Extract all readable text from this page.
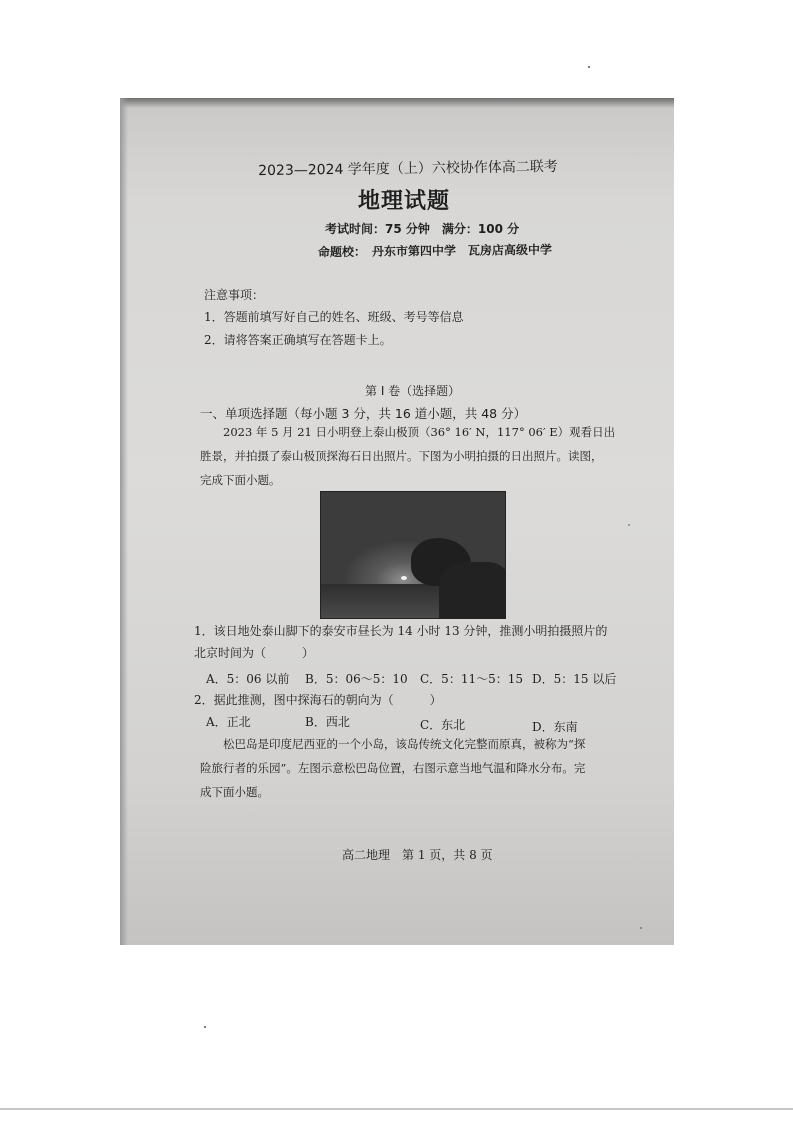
2023—2024 学年度（上）六校协作体高二联考
地理试题
考试时间：75 分钟　满分：100 分
命题校：　丹东市第四中学　瓦房店高级中学
注意事项：
1．答题前填写好自己的姓名、班级、考号等信息
2．请将答案正确填写在答题卡上。
第 I 卷（选择题）
一、单项选择题（每小题 3 分，共 16 道小题，共 48 分）
　　2023 年 5 月 21 日小明登上泰山极顶（36° 16′ N，117° 06′ E）观看日出
胜景，并拍摄了泰山极顶探海石日出照片。下图为小明拍摄的日出照片。读图，
完成下面小题。
1．该日地处泰山脚下的泰安市昼长为 14 小时 13 分钟，推测小明拍摄照片的
北京时间为（　　　）
A．5：06 以前 B．5：06～5：10 C．5：11～5：15 D．5：15 以后
2．据此推测，图中探海石的朝向为（　　　）
A．正北	B．西北	C．东北	D．东南
　　松巴岛是印度尼西亚的一个小岛，该岛传统文化完整而原真，被称为“探
险旅行者的乐园”。左图示意松巴岛位置，右图示意当地气温和降水分布。完
成下面小题。
高二地理　第 1 页，共 8 页
